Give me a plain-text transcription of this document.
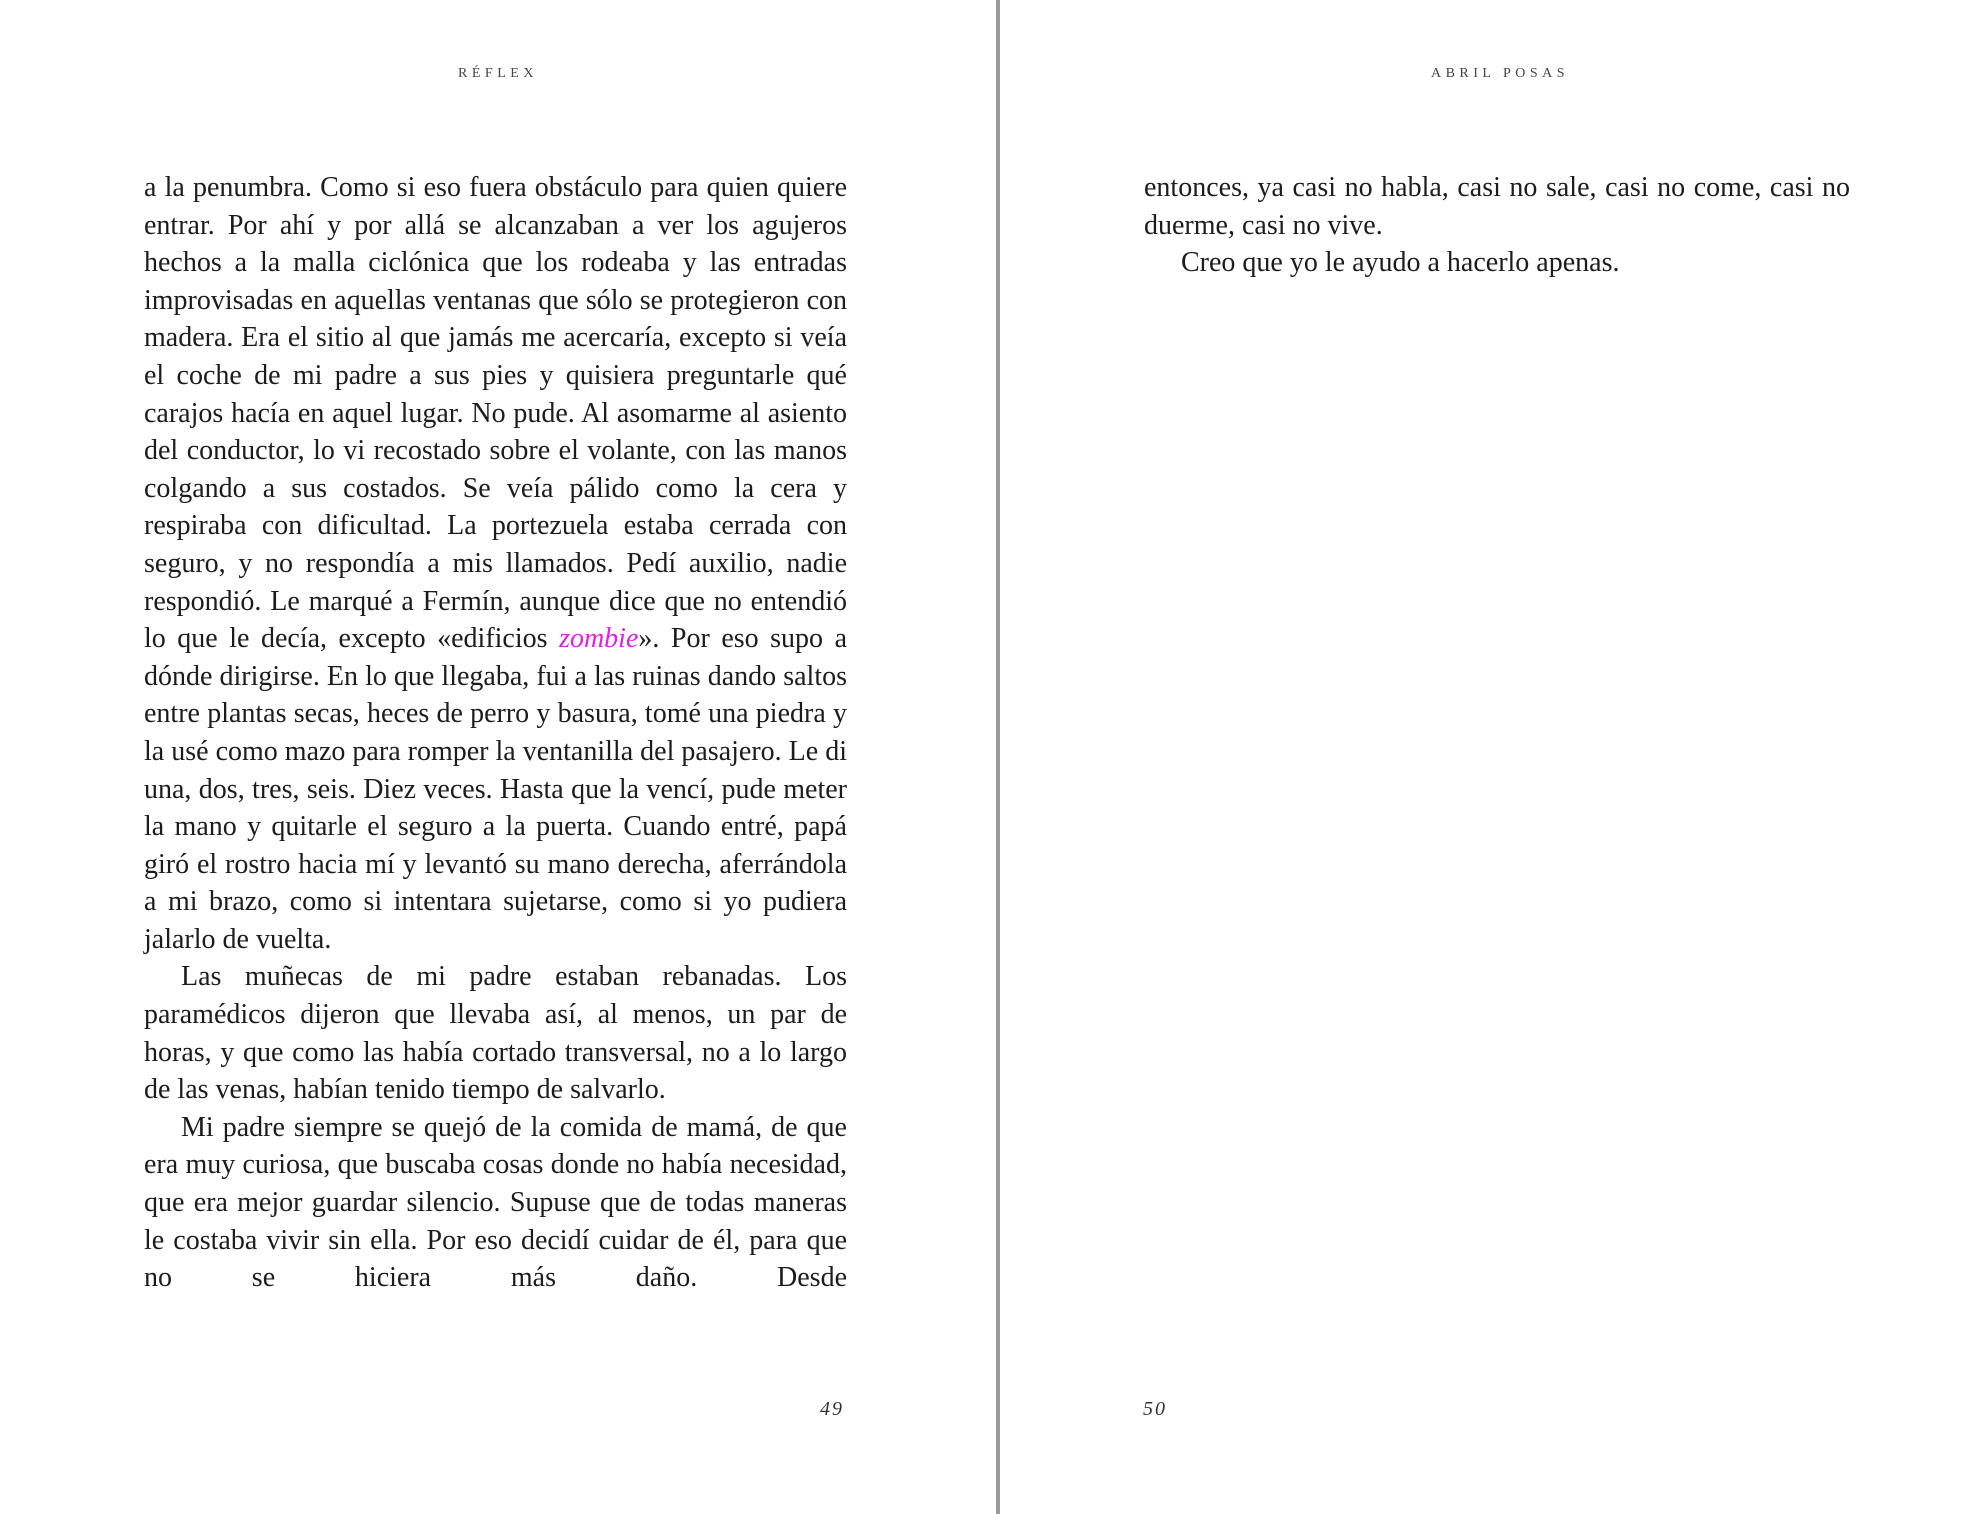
RÉFLEX

a la penumbra. Como si eso fuera obstáculo para quien quiere entrar. Por ahí y por allá se alcanzaban a ver los agujeros hechos a la malla ciclónica que los rodeaba y las entradas improvisadas en aquellas ventanas que sólo se protegieron con madera. Era el sitio al que jamás me acercaría, excepto si veía el coche de mi padre a sus pies y quisiera preguntarle qué carajos hacía en aquel lugar. No pude. Al asomarme al asiento del conductor, lo vi recostado sobre el volante, con las manos colgando a sus costados. Se veía pálido como la cera y respiraba con dificultad. La portezuela estaba cerrada con seguro, y no respondía a mis llamados. Pedí auxilio, nadie respondió. Le marqué a Fermín, aunque dice que no entendió lo que le decía, excepto «edificios zombie». Por eso supo a dónde dirigirse. En lo que llegaba, fui a las ruinas dando saltos entre plantas secas, heces de perro y basura, tomé una piedra y la usé como mazo para romper la ventanilla del pasajero. Le di una, dos, tres, seis. Diez veces. Hasta que la vencí, pude meter la mano y quitarle el seguro a la puerta. Cuando entré, papá giró el rostro hacia mí y levantó su mano derecha, aferrándola a mi brazo, como si intentara sujetarse, como si yo pudiera jalarlo de vuelta.

Las muñecas de mi padre estaban rebanadas. Los paramédicos dijeron que llevaba así, al menos, un par de horas, y que como las había cortado transversal, no a lo largo de las venas, habían tenido tiempo de salvarlo.

Mi padre siempre se quejó de la comida de mamá, de que era muy curiosa, que buscaba cosas donde no había necesidad, que era mejor guardar silencio. Supuse que de todas maneras le costaba vivir sin ella. Por eso decidí cuidar de él, para que no se hiciera más daño. Desde

49
ABRIL POSAS

entonces, ya casi no habla, casi no sale, casi no come, casi no duerme, casi no vive.

Creo que yo le ayudo a hacerlo apenas.

50
